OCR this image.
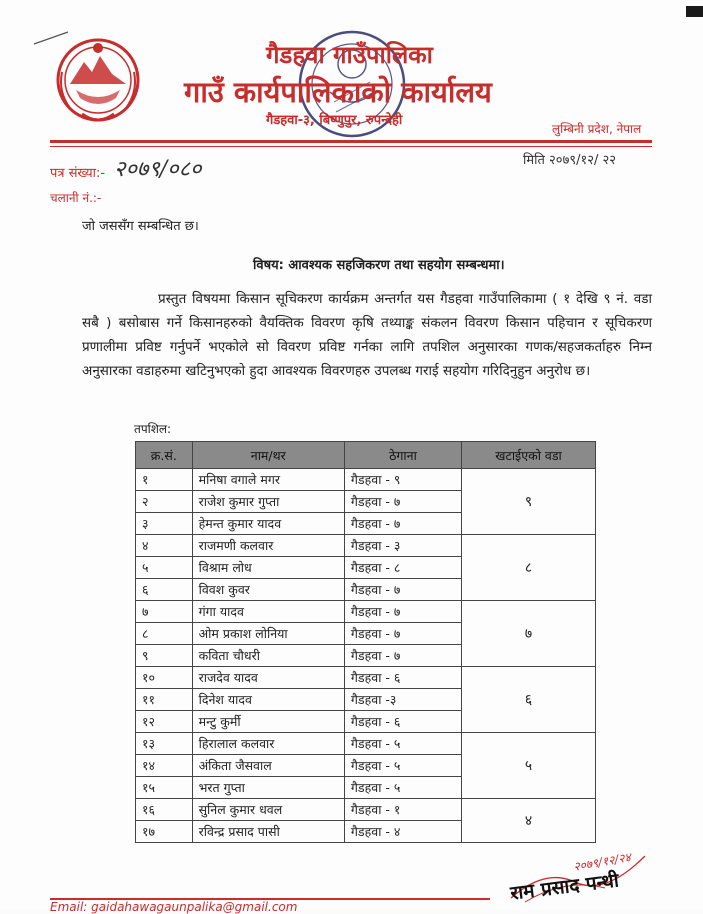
गैडहवा गाउँपालिका
गाउँ कार्यपालिकाको कार्यालय
गैडहवा-३, बिष्णुपुर, रुपन्देही
लुम्बिनी प्रदेश, नेपाल
पत्र संख्या:- २०७९/०८०	मिति २०७९/१२/ २२
चलानी नं.:-
जो जससँग सम्बन्धित छ।
विषय: आवश्यक सहजिकरण तथा सहयोग सम्बन्धमा।
प्रस्तुत विषयमा किसान सूचिकरण कार्यक्रम अन्तर्गत यस गैडहवा गाउँपालिकामा ( १ देखि ९ नं. वडा सबै ) बसोबास गर्ने किसानहरुको वैयक्तिक विवरण कृषि तथ्याङ्क संकलन विवरण किसान पहिचान र सूचिकरण प्रणालीमा प्रविष्ट गर्नुपर्ने भएकोले सो विवरण प्रविष्ट गर्नका लागि तपशिल अनुसारका गणक/सहजकर्ताहरु निम्न अनुसारका वडाहरुमा खटिनुभएको हुदा आवश्यक विवरणहरु उपलब्ध गराई सहयोग गरिदिनुहुन अनुरोध छ।
तपशिल:
क्र.सं.	नाम/थर	ठेगाना	खटाईएको वडा
१	मनिषा वगाले मगर	गैडहवा - ९	९
२	राजेश कुमार गुप्ता	गैडहवा - ७	
३	हेमन्त कुमार यादव	गैडहवा - ७	
४	राजमणी कलवार	गैडहवा - ३	८
५	विश्राम लोध	गैडहवा - ८	
६	विवश कुवर	गैडहवा - ७	
७	गंगा यादव	गैडहवा - ७	७
८	ओम प्रकाश लोनिया	गैडहवा - ७	
९	कविता चौधरी	गैडहवा - ७	
१०	राजदेव यादव	गैडहवा - ६	६
११	दिनेश यादव	गैडहवा -३	
१२	मन्टु कुर्मी	गैडहवा - ६	
१३	हिरालाल कलवार	गैडहवा - ५	५
१४	अंकिता जैसवाल	गैडहवा - ५	
१५	भरत गुप्ता	गैडहवा - ५	
१६	सुनिल कुमार धवल	गैडहवा - १	४
१७	रविन्द्र प्रसाद पासी	गैडहवा - ४	
२०७९/१२/२४
राम प्रसाद पन्थी
Email: gaidahawagaunpalika@gmail.com
